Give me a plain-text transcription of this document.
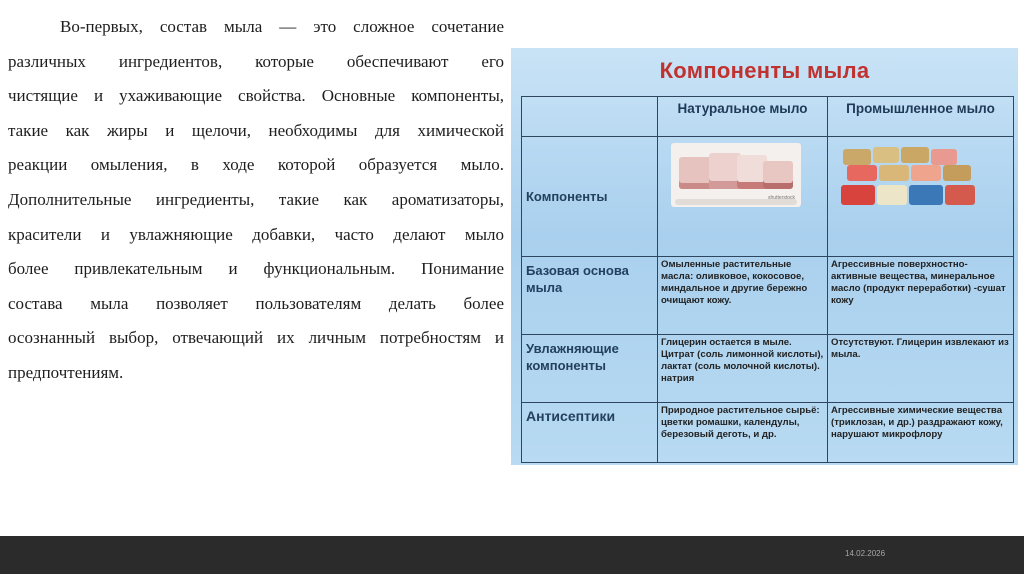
Во-первых, состав мыла — это сложное сочетание
различных ингредиентов, которые обеспечивают его
чистящие и ухаживающие свойства. Основные компоненты,
такие как жиры и щелочи, необходимы для химической
реакции омыления, в ходе которой образуется мыло.
Дополнительные ингредиенты, такие как ароматизаторы,
красители и увлажняющие добавки, часто делают мыло
более привлекательным и функциональным. Понимание
состава мыла позволяет пользователям делать более
осознанный выбор, отвечающий их личным потребностям и
предпочтениям.
Компоненты мыла
	Натуральное мыло	Промышленное мыло
Компоненты	shutterstock	

Базовая основа мыла	Омыленные растительные масла: оливковое, кокосовое, миндальное и другие бережно очищают кожу.	Агрессивные поверхностно-активные вещества, минеральное масло (продукт переработки) -сушат кожу
Увлажняющие компоненты	Глицерин остается в мыле. Цитрат (соль лимонной кислоты), лактат (соль молочной кислоты). натрия	Отсутствуют. Глицерин извлекают из мыла.
Антисептики	Природное растительное сырьё: цветки ромашки, календулы, березовый деготь, и др.	Агрессивные химические вещества (триклозан, и др.) раздражают кожу, нарушают микрофлору
14.02.2026
